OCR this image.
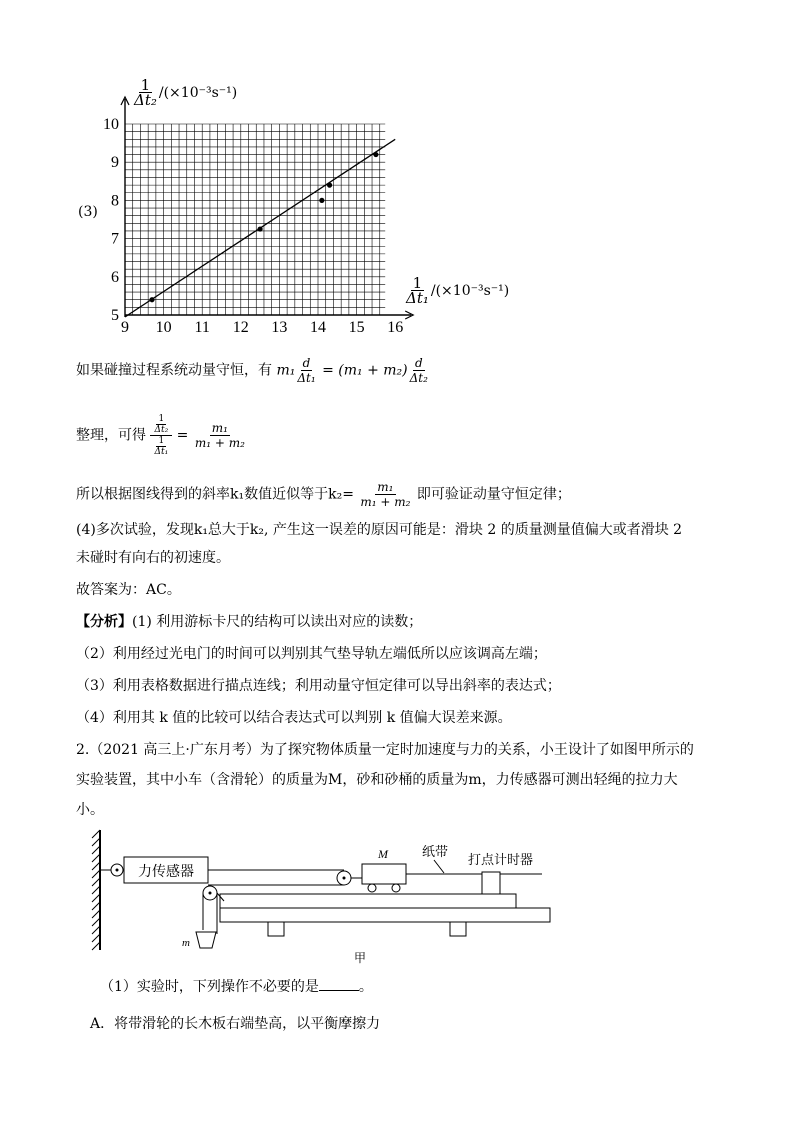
(3)
$\frac{1}{\text{Δt₂}} /(\times 10^{-3}s^{-1})$
$\frac{1}{\text{Δt₁}} /(\times 10^{-3}s^{-1})$
9 10 11 12 13 14 15 16
5
6
7
8
9
10
如果碰撞过程系统动量守恒，有 $m_1 \frac{d}{\text{Δt₁}} = (m_1 + m_2) \frac{d}{\text{Δt₂}}$
整理，可得 $\frac{\frac{1}{\text{Δt₂}}}{\frac{1}{\text{Δt₁}}} = \frac{\text{m₁}}{\text{m₁ + m₂}}$
所以根据图线得到的斜率k₁数值近似等于$k_2= \frac{\text{m₁}}{\text{m₁ + m₂}}$ 即可验证动量守恒定律；
(4)多次试验，发现k₁总大于k₂, 产生这一误差的原因可能是：滑块 2 的质量测量值偏大或者滑块 2
未碰时有向右的初速度。
故答案为：AC。
【分析】(1) 利用游标卡尺的结构可以读出对应的读数；
（2）利用经过光电门的时间可以判别其气垫导轨左端低所以应该调高左端；
（3）利用表格数据进行描点连线；利用动量守恒定律可以导出斜率的表达式；
（4）利用其 k 值的比较可以结合表达式可以判别 k 值偏大误差来源。
2.（2021 高三上·广东月考）为了探究物体质量一定时加速度与力的关系，小王设计了如图甲所示的
实验装置，其中小车（含滑轮）的质量为M，砂和砂桶的质量为m，力传感器可测出轻绳的拉力大
小。
力传感器
M	纸带
打点计时器
m
甲
（1）实验时，下列操作不必要的是	。
A．将带滑轮的长木板右端垫高，以平衡摩擦力
